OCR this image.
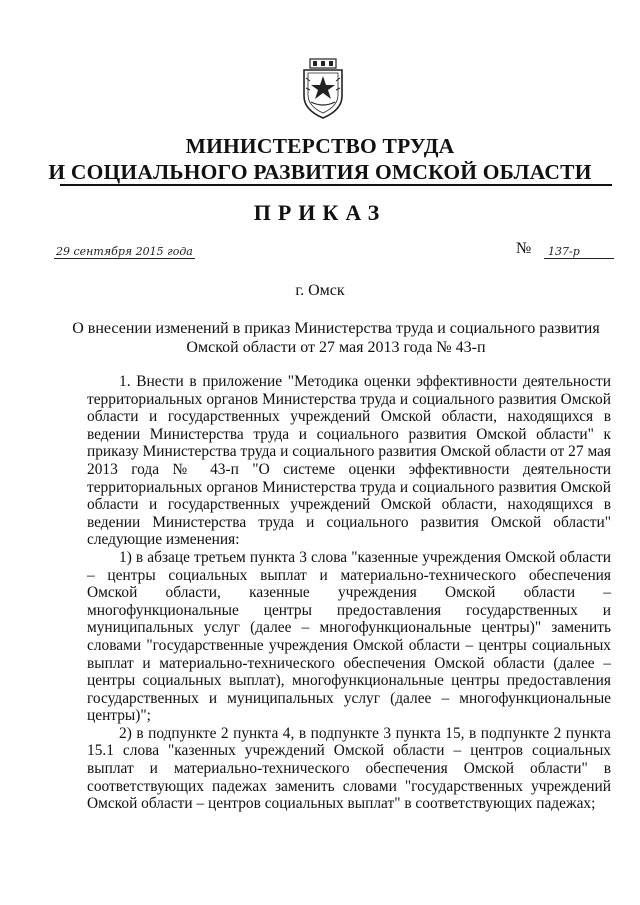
МИНИСТЕРСТВО ТРУДА
И СОЦИАЛЬНОГО РАЗВИТИЯ ОМСКОЙ ОБЛАСТИ
ПРИКАЗ
29 сентября 2015 года	№	137-р
г. Омск
О внесении изменений в приказ Министерства труда и социального развития Омской области от 27 мая 2013 года № 43-п

1. Внести в приложение "Методика оценки эффективности деятельности территориальных органов Министерства труда и социального развития Омской области и государственных учреждений Омской области, находящихся в ведении Министерства труда и социального развития Омской области" к приказу Министерства труда и социального развития Омской области от 27 мая 2013 года № 43-п "О системе оценки эффективности деятельности территориальных органов Министерства труда и социального развития Омской области и государственных учреждений Омской области, находящихся в ведении Министерства труда и социального развития Омской области" следующие изменения:

1) в абзаце третьем пункта 3 слова "казенные учреждения Омской области – центры социальных выплат и материально-технического обеспечения Омской области, казенные учреждения Омской области – многофункциональные центры предоставления государственных и муниципальных услуг (далее – многофункциональные центры)" заменить словами "государственные учреждения Омской области – центры социальных выплат и материально-технического обеспечения Омской области (далее – центры социальных выплат), многофункциональные центры предоставления государственных и муниципальных услуг (далее – многофункциональные центры)";

2) в подпункте 2 пункта 4, в подпункте 3 пункта 15, в подпункте 2 пункта 15.1 слова "казенных учреждений Омской области – центров социальных выплат и материально-технического обеспечения Омской области" в соответствующих падежах заменить словами "государственных учреждений Омской области – центров социальных выплат" в соответствующих падежах;
